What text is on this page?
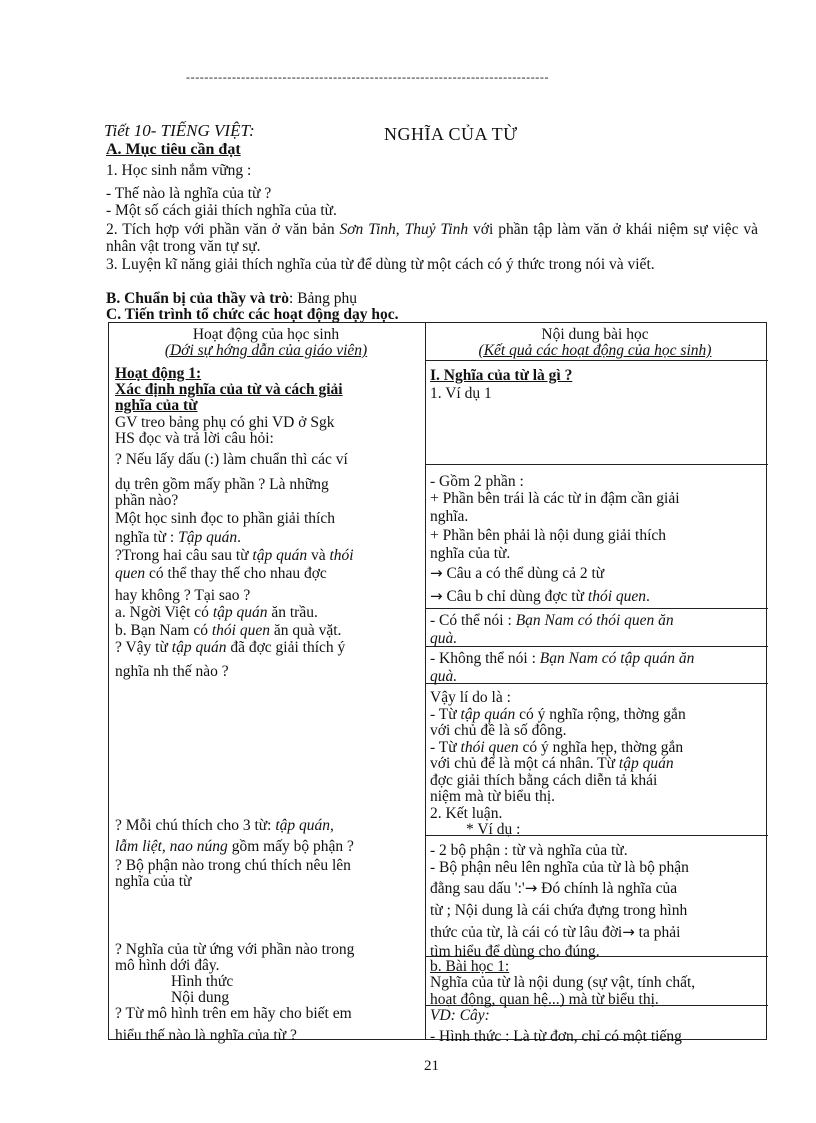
-------------------------------------------------------------------------------
Tiết 10- TIẾNG VIỆT:	NGHĨA CỦA TỪ
A. Mục tiêu cần đạt
1. Học sinh nắm vững :
- Thế nào là nghĩa của từ ?
- Một số cách giải thích nghĩa của từ.
2. Tích hợp với phần văn ở văn bản Sơn Tinh, Thuỷ Tinh với phần tập làm văn ở khái niệm sự việc và nhân vật trong văn tự sự.
3. Luyện kĩ năng giải thích nghĩa của từ để dùng từ một cách có ý thức trong nói và viết.
B. Chuẩn bị của thầy và trò: Bảng phụ
C. Tiến trình tổ chức các hoạt động dạy học.
Hoạt động của học sinh
(Dới sự hớng dẫn của giáo viên)
Hoạt động 1:
Xác định nghĩa của từ và cách giải
nghĩa của từ
GV treo bảng phụ có ghi VD ở Sgk
HS đọc và trả lời câu hỏi:
? Nếu lấy dấu (:) làm chuẩn thì các ví
dụ trên gồm mấy phần ? Là những
phần nào?
Một học sinh đọc to phần giải thích
nghĩa từ : Tập quán.
?Trong hai câu sau từ tập quán và thói
quen có thể thay thế cho nhau đợc
hay không ? Tại sao ?
a. Ngời Việt có tập quán ăn trầu.
b. Bạn Nam có thói quen ăn quà vặt.
? Vậy từ tập quán đã đợc giải thích ý
nghĩa nh thế nào ?
? Mỗi chú thích cho 3 từ: tập quán,
lẫm liệt, nao núng gồm mấy bộ phận ?
? Bộ phận nào trong chú thích nêu lên
nghĩa của từ
? Nghĩa của từ ứng với phần nào trong
mô hình dới đây.
Hình thức
Nội dung
? Từ mô hình trên em hãy cho biết em
hiểu thế nào là nghĩa của từ ?
Nội dung bài học
(Kết quả các hoạt động của học sinh)
I. Nghĩa của từ là gì ?
1. Ví dụ 1
- Gồm 2 phần :
+ Phần bên trái là các từ in đậm cần giải
nghĩa.
+ Phần bên phải là nội dung giải thích
nghĩa của từ.
→ Câu a có thể dùng cả 2 từ
→ Câu b chỉ dùng đợc từ thói quen.
- Có thể nói : Bạn Nam có thói quen ăn
quà.
- Không thể nói : Bạn Nam có tập quán ăn
quà.
Vậy lí do là :
- Từ tập quán có ý nghĩa rộng, thờng gắn
với chủ đề là số đông.
- Từ thói quen có ý nghĩa hẹp, thờng gắn
với chủ để là một cá nhân. Từ tập quán
đợc giải thích bằng cách diễn tả khái
niệm mà từ biểu thị.
2. Kết luận.
* Ví dụ :
- 2 bộ phận : từ và nghĩa của từ.
- Bộ phận nêu lên nghĩa của từ là bộ phận
đằng sau dấu ':'→ Đó chính là nghĩa của
từ ; Nội dung là cái chứa đựng trong hình
thức của từ, là cái có từ lâu đời→ ta phải
tìm hiểu để dùng cho đúng.
b. Bài học 1:
Nghĩa của từ là nội dung (sự vật, tính chất,
hoạt động, quan hệ...) mà từ biểu thị.
VD: Cây:
- Hình thức : Là từ đơn, chỉ có một tiếng
21
